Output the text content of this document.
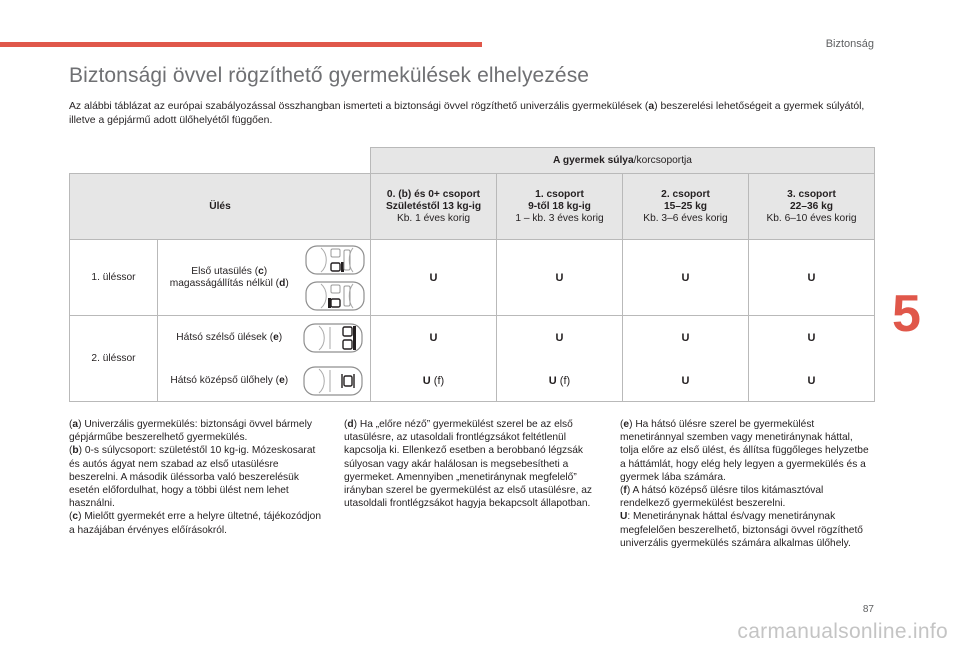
Biztonság
Biztonsági övvel rögzíthető gyermekülések elhelyezése
Az alábbi táblázat az európai szabályozással összhangban ismerteti a biztonsági övvel rögzíthető univerzális gyermekülések (a) beszerelési lehetőségeit a gyermek súlyától, illetve a gépjármű adott ülőhelyétől függően.
5
			A gyermek súlya/korcsoportja			
Ülés			0. (b) és 0+ csoport
Születéstől 13 kg-ig
Kb. 1 éves korig	1. csoport
9-től 18 kg-ig
1 – kb. 3 éves korig	2. csoport
15–25 kg
Kb. 3–6 éves korig	3. csoport
22–36 kg
Kb. 6–10 éves korig
1. üléssor	Első utasülés (c) magasságállítás nélkül (d)		U	U	U	U
2. üléssor	Hátsó szélső ülések (e)		U	U	U	U
	Hátsó középső ülőhely (e)		U (f)	U (f)	U	U

(a) Univerzális gyermekülés: biztonsági övvel bármely gépjárműbe beszerelhető gyermekülés.

(b) 0-s súlycsoport: születéstől 10 kg-ig. Mózeskosarat és autós ágyat nem szabad az első utasülésre beszerelni. A második üléssorba való beszerelésük esetén előfordulhat, hogy a többi ülést nem lehet használni.

(c) Mielőtt gyermekét erre a helyre ültetné, tájékozódjon a hazájában érvényes előírásokról.

(d) Ha „előre néző” gyermekülést szerel be az első utasülésre, az utasoldali frontlégzsákot feltétlenül kapcsolja ki. Ellenkező esetben a berobbanó légzsák súlyosan vagy akár halálosan is megsebesítheti a gyermeket. Amennyiben „menetiránynak megfelelő” irányban szerel be gyermekülést az első utasülésre, az utasoldali frontlégzsákot hagyja bekapcsolt állapotban.

(e) Ha hátsó ülésre szerel be gyermekülést menetiránnyal szemben vagy menetiránynak háttal, tolja előre az első ülést, és állítsa függőleges helyzetbe a háttámlát, hogy elég hely legyen a gyermekülés és a gyermek lába számára.

(f) A hátsó középső ülésre tilos kitámasztóval rendelkező gyermekülést beszerelni.

U: Menetiránynak háttal és/vagy menetiránynak megfelelően beszerelhető, biztonsági övvel rögzíthető univerzális gyermekülés számára alkalmas ülőhely.

87
carmanualsonline.info
